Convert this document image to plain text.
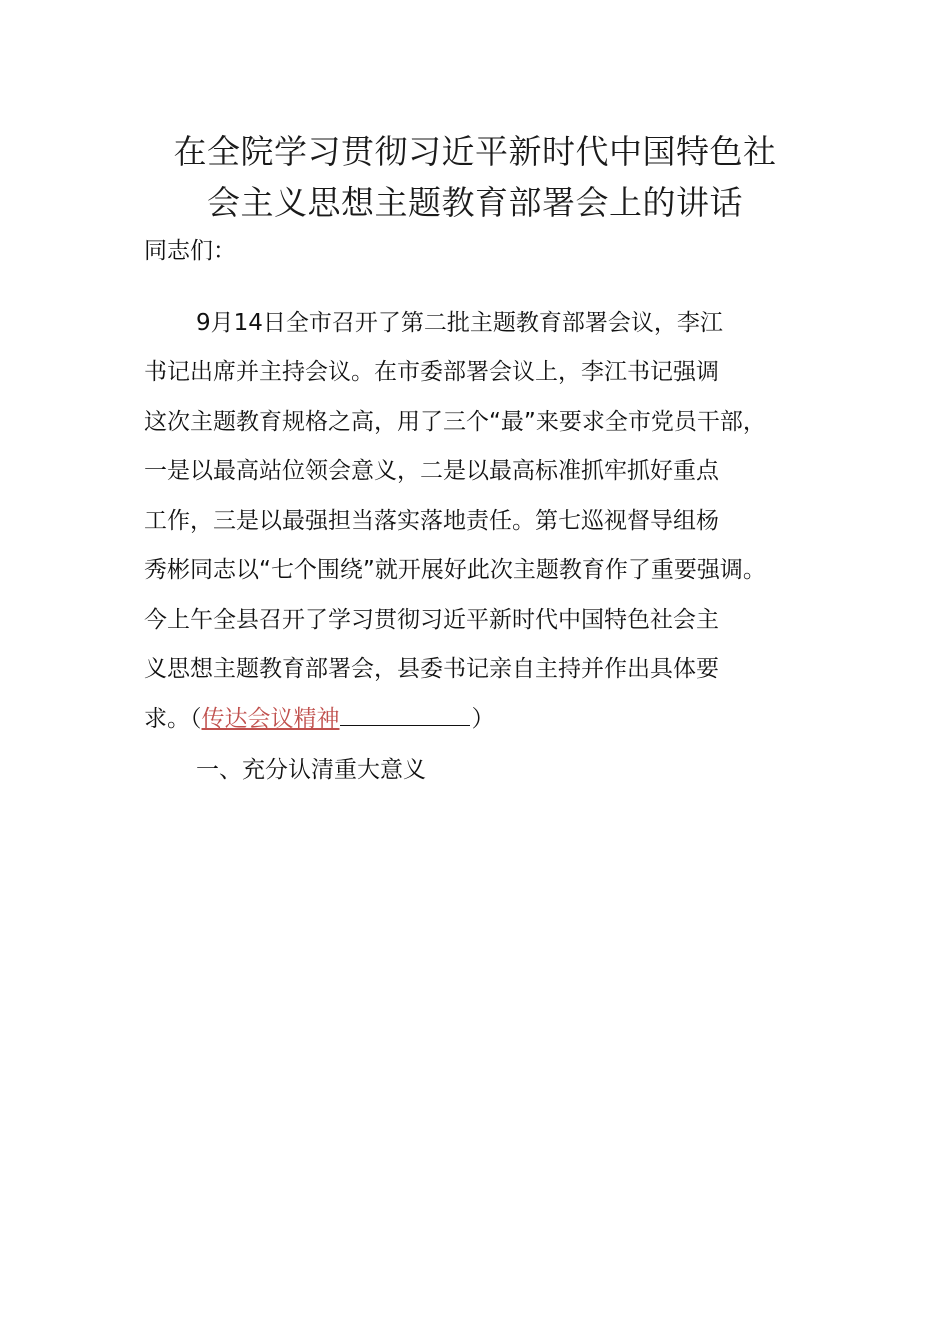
在全院学习贯彻习近平新时代中国特色社
会主义思想主题教育部署会上的讲话
同志们：
9月14日全市召开了第二批主题教育部署会议，李江
书记出席并主持会议。在市委部署会议上，李江书记强调
这次主题教育规格之高，用了三个“最”来要求全市党员干部，
一是以最高站位领会意义，二是以最高标准抓牢抓好重点
工作，三是以最强担当落实落地责任。第七巡视督导组杨
秀彬同志以“七个围绕”就开展好此次主题教育作了重要强调。
今上午全县召开了学习贯彻习近平新时代中国特色社会主
义思想主题教育部署会，县委书记亲自主持并作出具体要
求。（传达会议精神	）
一、充分认清重大意义
